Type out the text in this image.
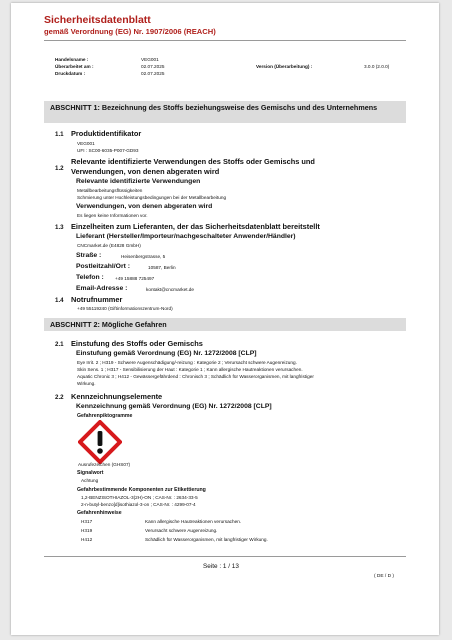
Sicherheitsdatenblatt
gemäß Verordnung (EG) Nr. 1907/2006 (REACH)
Handelsname :	VEG001
Überarbeitet am :	02.07.2025
Druckdatum :	02.07.2025
Version (Überarbeitung) :	3.0.0 (2.0.0)
ABSCHNITT 1: Bezeichnung des Stoffs beziehungsweise des Gemischs und des Unternehmens
1.1 Produktidentifikator
VEG001
UFI : SC00-6035-P007-GD93
1.2
Relevante identifizierte Verwendungen des Stoffs oder Gemischs und
Verwendungen, von denen abgeraten wird
Relevante identifizierte Verwendungen
Metallbearbeitungsflüssigkeiten
Schmierung unter Hochleistungsbedingungen bei der Metallbearbeitung
Verwendungen, von denen abgeraten wird
Es liegen keine Informationen vor.
1.3 Einzelheiten zum Lieferanten, der das Sicherheitsdatenblatt bereitstellt
Lieferant (Hersteller/Importeur/nachgeschalteter Anwender/Händler)
CNCmarket.de (E4828 GmbH)
Straße :	Heisenbergstrasse, 5
Postleitzahl/Ort :	10587, Berlin
Telefon : +49 15888 725497
Email-Adresse :	kontakt@cncmarket.de
1.4 Notrufnummer
+49 55119240 (Giftinformationszentrum-Nord)
ABSCHNITT 2: Mögliche Gefahren
2.1 Einstufung des Stoffs oder Gemischs
Einstufung gemäß Verordnung (EG) Nr. 1272/2008 [CLP]
Eye Irrit. 2 ; H319 - Schwere Augenschädigung/-reizung : Kategorie 2 ; Verursacht schwere Augenreizung.
Skin Sens. 1 ; H317 - Sensibilisierung der Haut : Kategorie 1 ; Kann allergische Hautreaktionen verursachen.
Aquatic Chronic 3 ; H412 - Gewässergefährdend : Chronisch 3 ; Schädlich für Wasserorganismen, mit langfristiger
Wirkung.
2.2 Kennzeichnungselemente
Kennzeichnung gemäß Verordnung (EG) Nr. 1272/2008 [CLP]
Gefahrenpiktogramme
Ausrufezeichen (GHS07)
Signalwort
Achtung
Gefahrbestimmende Komponenten zur Etikettierung
1,2-BENZISOTHIAZOL-3(2H)-ON ; CAS-Nr. : 2634-33-5
2-n-butyl-benzo[d]isothiazol-3-on ; CAS-Nr. : 4299-07-4
Gefahrenhinweise
H317	Kann allergische Hautreaktionen verursachen.
H319	Verursacht schwere Augenreizung.
H412	Schädlich für Wasserorganismen, mit langfristiger Wirkung.
Seite : 1 / 13
( DE / D )
